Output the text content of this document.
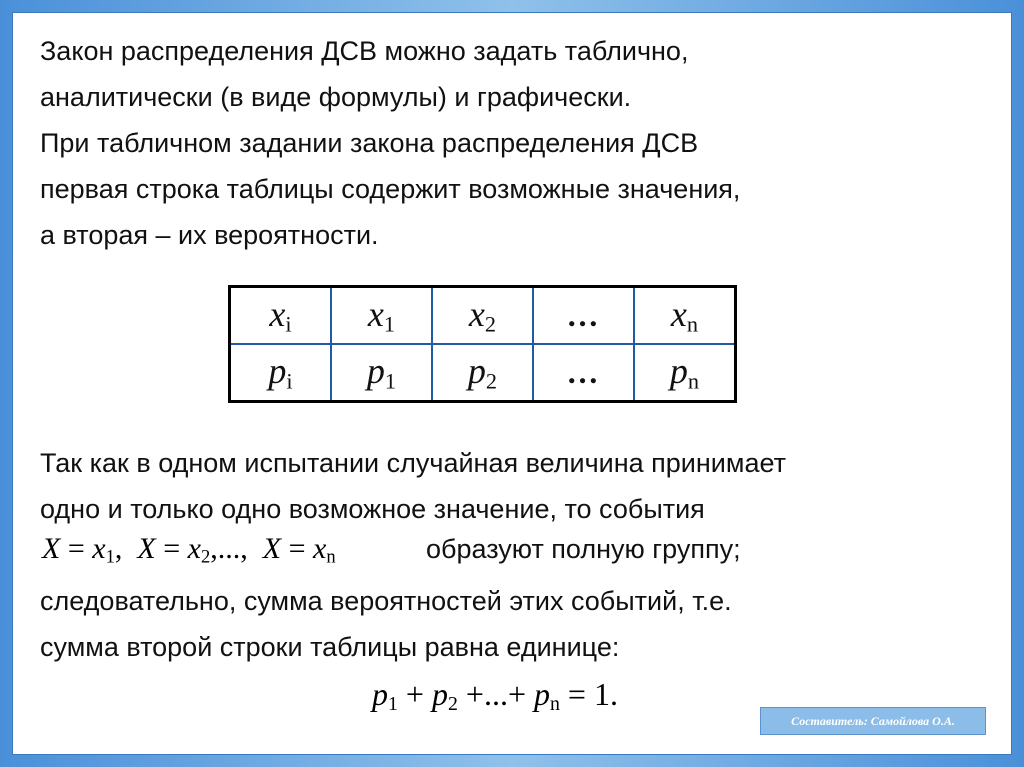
Закон распределения ДСВ можно задать таблично,
аналитически (в виде формулы) и графически.
При табличном задании закона распределения ДСВ
первая строка таблицы содержит возможные значения,
а вторая – их вероятности.

$x_i$	$x_1$	$x_2$	…	$x_n$
$p_i$	$p_1$	$p_2$	…	$p_n$

Так как в одном испытании случайная величина принимает
одно и только одно возможное значение, то события

следовательно, сумма вероятностей этих событий, т.е.
сумма второй строки таблицы равна единице:

$X = x_1$, $X = x_2$,..., $X = x_n$	образуют полную группу;
$p_1 + p_2$ +...+ $p_n = 1$.
Составитель: Самойлова О.А.
